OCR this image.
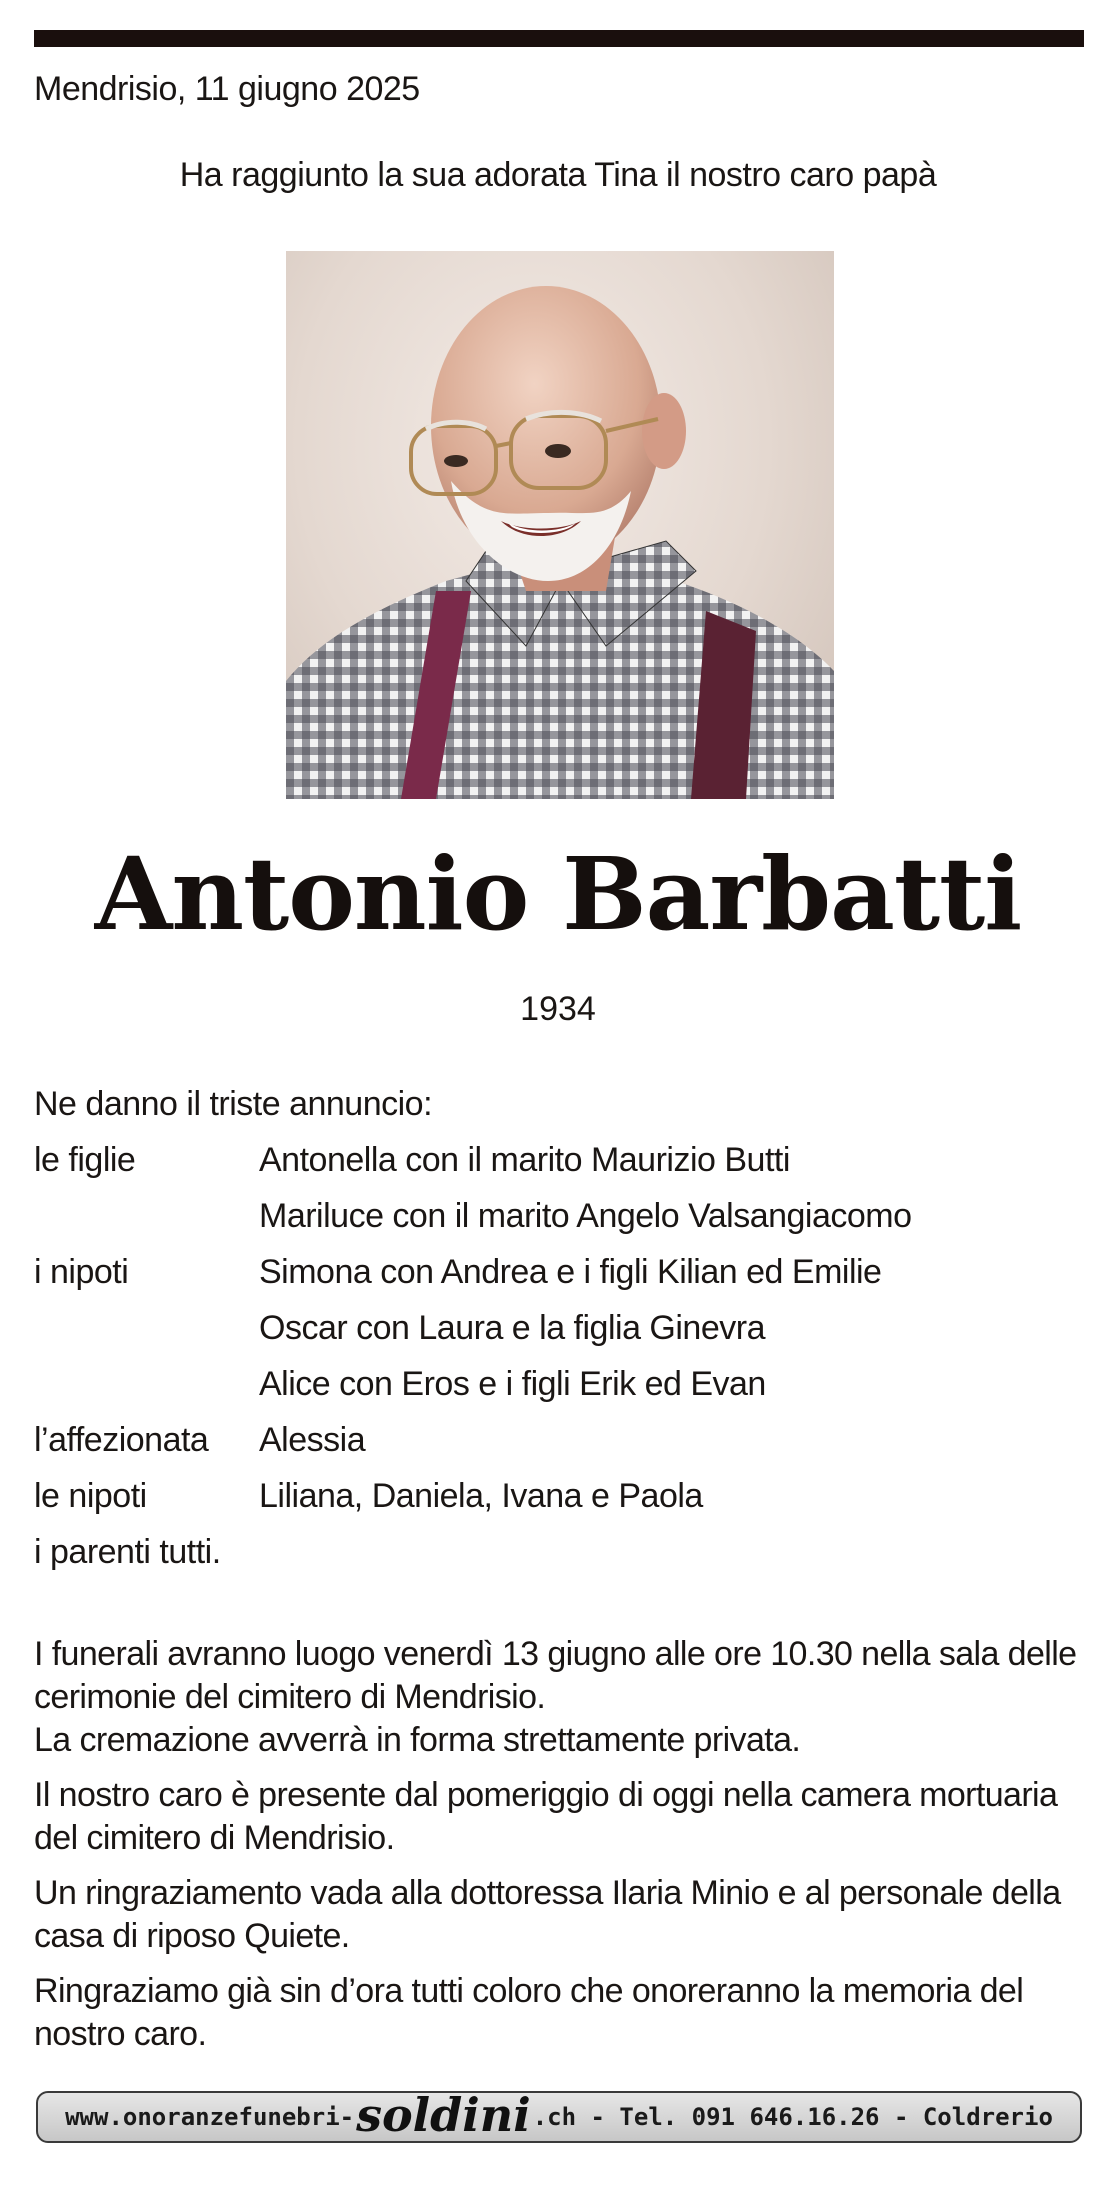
Mendrisio, 11 giugno 2025
Ha raggiunto la sua adorata Tina il nostro caro papà
Antonio Barbatti
1934
Ne danno il triste annuncio:
le figlie	Antonella con il marito Maurizio Butti
Mariluce con il marito Angelo Valsangiacomo
i nipoti	Simona con Andrea e i figli Kilian ed Emilie
Oscar con Laura e la figlia Ginevra
Alice con Eros e i figli Erik ed Evan
l’affezionata	Alessia
le nipoti	Liliana, Daniela, Ivana e Paola
i parenti tutti.

I funerali avranno luogo venerdì 13 giugno alle ore 10.30 nella sala delle cerimonie del cimitero di Mendrisio.

La cremazione avverrà in forma strettamente privata.

Il nostro caro è presente dal pomeriggio di oggi nella camera mortuaria del cimitero di Mendrisio.

Un ringraziamento vada alla dottoressa Ilaria Minio e al personale della casa di riposo Quiete.

Ringraziamo già sin d’ora tutti coloro che onoreranno la memoria del nostro caro.

www.onoranzefunebri- soldini .ch - Tel. 091 646.16.26 - Coldrerio
